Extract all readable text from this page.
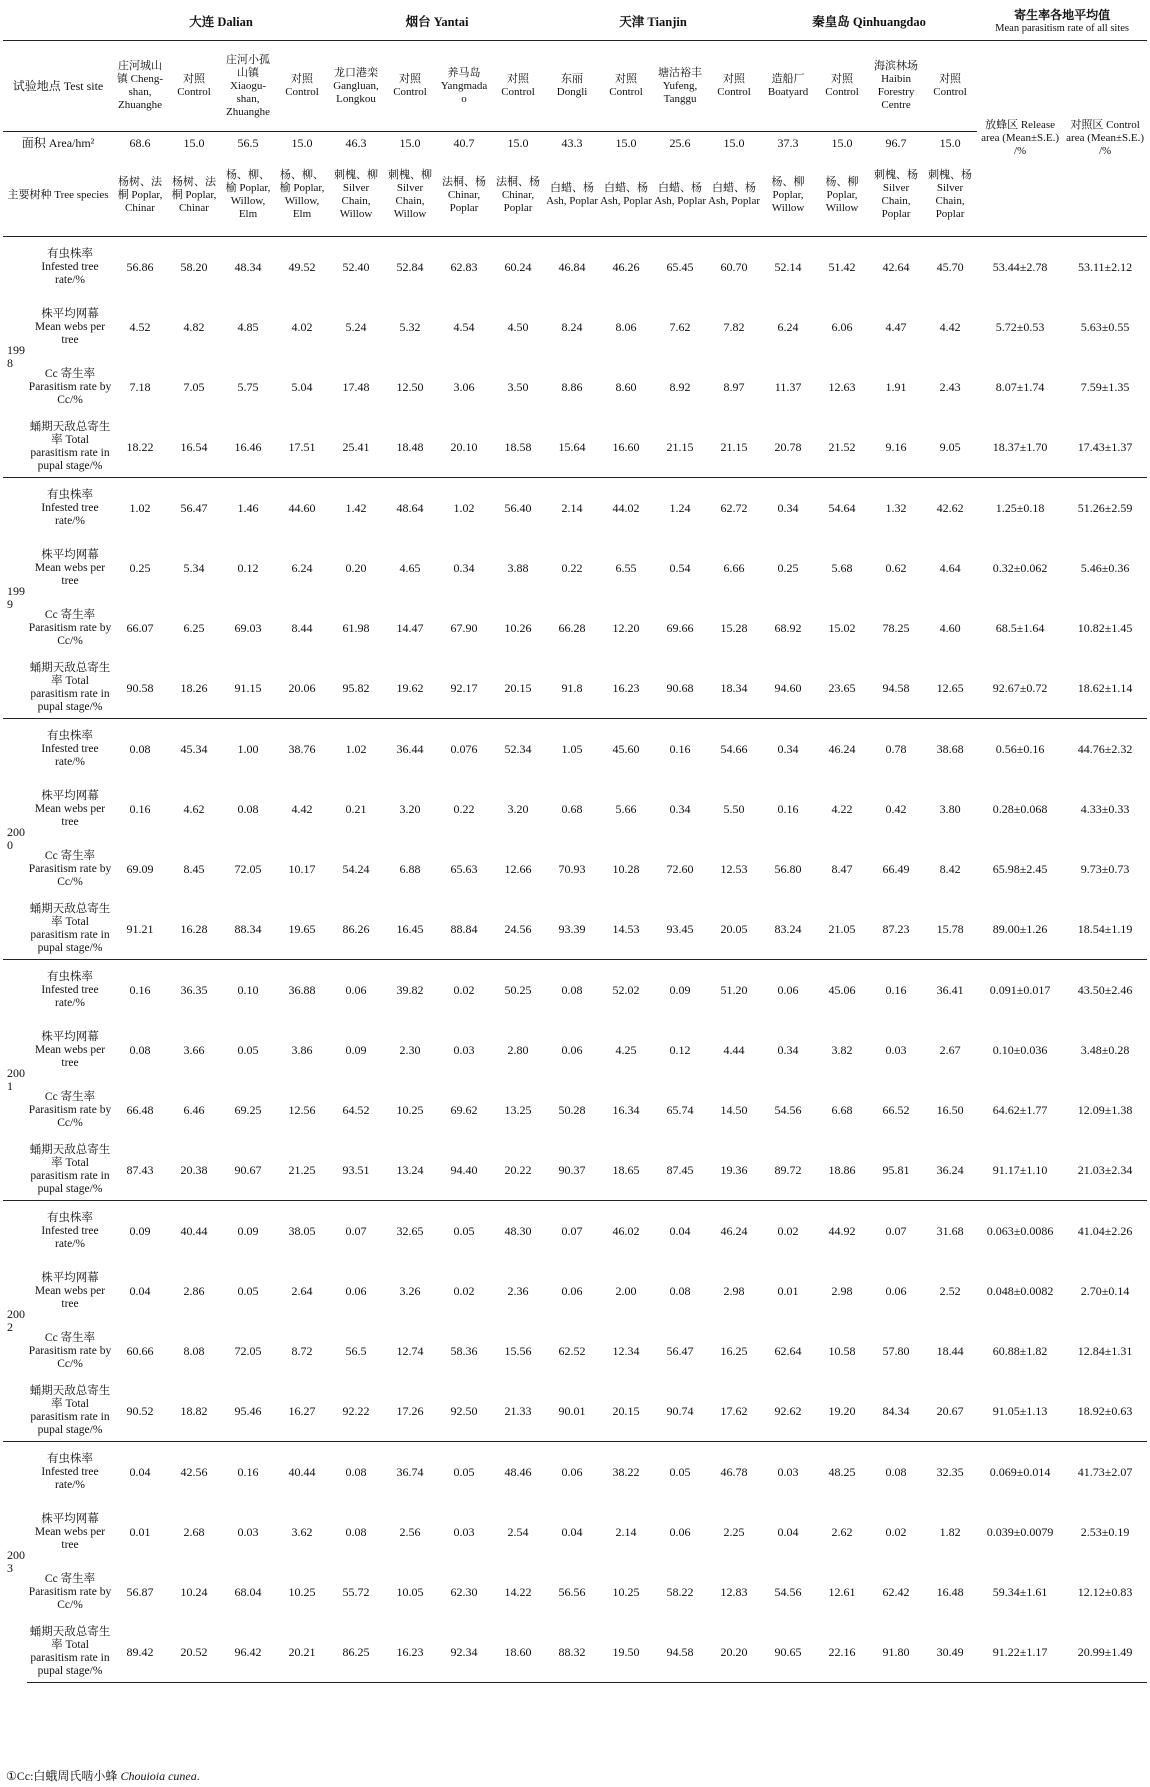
		大连 Dalian				烟台 Yantai				天津 Tianjin				秦皇岛 Qinhuangdao				寄生率各地平均值
Mean parasitism rate of all sites	

试验地点 Test site		庄河城山镇 Cheng-shan, Zhuanghe	对照 Control	庄河小孤山镇 Xiaogu-shan, Zhuanghe	对照 Control	龙口港栾 Gangluan, Longkou	对照 Control	养马岛 Yangmadao	对照 Control	东丽 Dongli	对照 Control	塘沽裕丰 Yufeng, Tanggu	对照 Control	造船厂 Boatyard	对照 Control	海滨林场 Haibin Forestry Centre	对照 Control	放蜂区 Release area (Mean±S.E.) /%	对照区 Control area (Mean±S.E.) /%
面积 Area/hm²		68.6	15.0	56.5	15.0	46.3	15.0	40.7	15.0	43.3	15.0	25.6	15.0	37.3	15.0	96.7	15.0		
主要树种 Tree species		杨树、法桐 Poplar, Chinar	杨树、法桐 Poplar, Chinar	杨、柳、榆 Poplar, Willow, Elm	杨、柳、榆 Poplar, Willow, Elm	刺槐、柳 Silver Chain, Willow	刺槐、柳 Silver Chain, Willow	法桐、杨 Chinar, Poplar	法桐、杨 Chinar, Poplar	白蜡、杨 Ash, Poplar	白蜡、杨 Ash, Poplar	白蜡、杨 Ash, Poplar	白蜡、杨 Ash, Poplar	杨、柳 Poplar, Willow	杨、柳 Poplar, Willow	刺槐、杨 Silver Chain, Poplar	刺槐、杨 Silver Chain, Poplar		
1998	有虫株率 Infested tree rate/%	56.86	58.20	48.34	49.52	52.40	52.84	62.83	60.24	46.84	46.26	65.45	60.70	52.14	51.42	42.64	45.70	53.44±2.78	53.11±2.12
	株平均网幕 Mean webs per tree	4.52	4.82	4.85	4.02	5.24	5.32	4.54	4.50	8.24	8.06	7.62	7.82	6.24	6.06	4.47	4.42	5.72±0.53	5.63±0.55
	Cc 寄生率 Parasitism rate by Cc/%	7.18	7.05	5.75	5.04	17.48	12.50	3.06	3.50	8.86	8.60	8.92	8.97	11.37	12.63	1.91	2.43	8.07±1.74	7.59±1.35
	蛹期天敌总寄生率 Total parasitism rate in pupal stage/%	18.22	16.54	16.46	17.51	25.41	18.48	20.10	18.58	15.64	16.60	21.15	21.15	20.78	21.52	9.16	9.05	18.37±1.70	17.43±1.37
1999	有虫株率 Infested tree rate/%	1.02	56.47	1.46	44.60	1.42	48.64	1.02	56.40	2.14	44.02	1.24	62.72	0.34	54.64	1.32	42.62	1.25±0.18	51.26±2.59
	株平均网幕 Mean webs per tree	0.25	5.34	0.12	6.24	0.20	4.65	0.34	3.88	0.22	6.55	0.54	6.66	0.25	5.68	0.62	4.64	0.32±0.062	5.46±0.36
	Cc 寄生率 Parasitism rate by Cc/%	66.07	6.25	69.03	8.44	61.98	14.47	67.90	10.26	66.28	12.20	69.66	15.28	68.92	15.02	78.25	4.60	68.5±1.64	10.82±1.45
	蛹期天敌总寄生率 Total parasitism rate in pupal stage/%	90.58	18.26	91.15	20.06	95.82	19.62	92.17	20.15	91.8	16.23	90.68	18.34	94.60	23.65	94.58	12.65	92.67±0.72	18.62±1.14
2000	有虫株率 Infested tree rate/%	0.08	45.34	1.00	38.76	1.02	36.44	0.076	52.34	1.05	45.60	0.16	54.66	0.34	46.24	0.78	38.68	0.56±0.16	44.76±2.32
	株平均网幕 Mean webs per tree	0.16	4.62	0.08	4.42	0.21	3.20	0.22	3.20	0.68	5.66	0.34	5.50	0.16	4.22	0.42	3.80	0.28±0.068	4.33±0.33
	Cc 寄生率 Parasitism rate by Cc/%	69.09	8.45	72.05	10.17	54.24	6.88	65.63	12.66	70.93	10.28	72.60	12.53	56.80	8.47	66.49	8.42	65.98±2.45	9.73±0.73
	蛹期天敌总寄生率 Total parasitism rate in pupal stage/%	91.21	16.28	88.34	19.65	86.26	16.45	88.84	24.56	93.39	14.53	93.45	20.05	83.24	21.05	87.23	15.78	89.00±1.26	18.54±1.19
2001	有虫株率 Infested tree rate/%	0.16	36.35	0.10	36.88	0.06	39.82	0.02	50.25	0.08	52.02	0.09	51.20	0.06	45.06	0.16	36.41	0.091±0.017	43.50±2.46
	株平均网幕 Mean webs per tree	0.08	3.66	0.05	3.86	0.09	2.30	0.03	2.80	0.06	4.25	0.12	4.44	0.34	3.82	0.03	2.67	0.10±0.036	3.48±0.28
	Cc 寄生率 Parasitism rate by Cc/%	66.48	6.46	69.25	12.56	64.52	10.25	69.62	13.25	50.28	16.34	65.74	14.50	54.56	6.68	66.52	16.50	64.62±1.77	12.09±1.38
	蛹期天敌总寄生率 Total parasitism rate in pupal stage/%	87.43	20.38	90.67	21.25	93.51	13.24	94.40	20.22	90.37	18.65	87.45	19.36	89.72	18.86	95.81	36.24	91.17±1.10	21.03±2.34
2002	有虫株率 Infested tree rate/%	0.09	40.44	0.09	38.05	0.07	32.65	0.05	48.30	0.07	46.02	0.04	46.24	0.02	44.92	0.07	31.68	0.063±0.0086	41.04±2.26
	株平均网幕 Mean webs per tree	0.04	2.86	0.05	2.64	0.06	3.26	0.02	2.36	0.06	2.00	0.08	2.98	0.01	2.98	0.06	2.52	0.048±0.0082	2.70±0.14
	Cc 寄生率 Parasitism rate by Cc/%	60.66	8.08	72.05	8.72	56.5	12.74	58.36	15.56	62.52	12.34	56.47	16.25	62.64	10.58	57.80	18.44	60.88±1.82	12.84±1.31
	蛹期天敌总寄生率 Total parasitism rate in pupal stage/%	90.52	18.82	95.46	16.27	92.22	17.26	92.50	21.33	90.01	20.15	90.74	17.62	92.62	19.20	84.34	20.67	91.05±1.13	18.92±0.63
2003	有虫株率 Infested tree rate/%	0.04	42.56	0.16	40.44	0.08	36.74	0.05	48.46	0.06	38.22	0.05	46.78	0.03	48.25	0.08	32.35	0.069±0.014	41.73±2.07
	株平均网幕 Mean webs per tree	0.01	2.68	0.03	3.62	0.08	2.56	0.03	2.54	0.04	2.14	0.06	2.25	0.04	2.62	0.02	1.82	0.039±0.0079	2.53±0.19
	Cc 寄生率 Parasitism rate by Cc/%	56.87	10.24	68.04	10.25	55.72	10.05	62.30	14.22	56.56	10.25	58.22	12.83	54.56	12.61	62.42	16.48	59.34±1.61	12.12±0.83
	蛹期天敌总寄生率 Total parasitism rate in pupal stage/%	89.42	20.52	96.42	20.21	86.25	16.23	92.34	18.60	88.32	19.50	94.58	20.20	90.65	22.16	91.80	30.49	91.22±1.17	20.99±1.49
①Cc:白蛾周氏啮小蜂 Chouioia cunea.
